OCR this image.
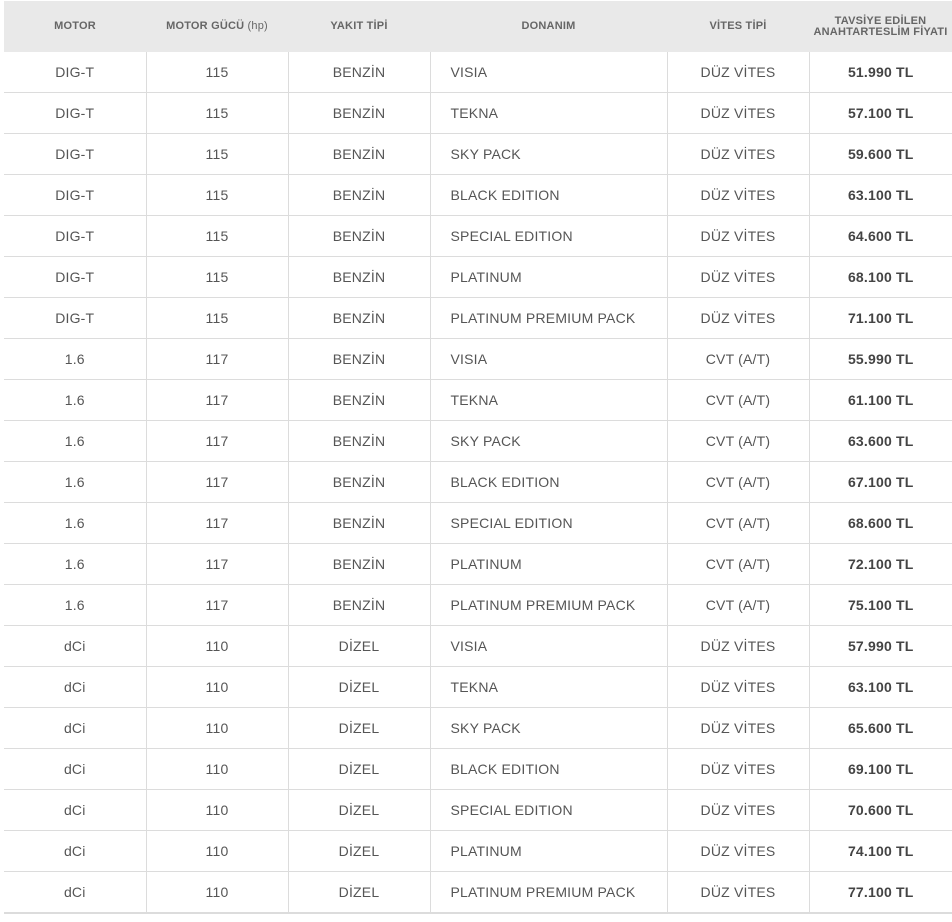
MOTOR	MOTOR GÜCÜ (hp)	YAKIT TİPİ	DONANIM	VİTES TİPİ	TAVSİYE EDİLEN
ANAHTARTESLİM FİYATI
DIG-T	115	BENZİN	VISIA	DÜZ VİTES	51.990 TL
DIG-T	115	BENZİN	TEKNA	DÜZ VİTES	57.100 TL
DIG-T	115	BENZİN	SKY PACK	DÜZ VİTES	59.600 TL
DIG-T	115	BENZİN	BLACK EDITION	DÜZ VİTES	63.100 TL
DIG-T	115	BENZİN	SPECIAL EDITION	DÜZ VİTES	64.600 TL
DIG-T	115	BENZİN	PLATINUM	DÜZ VİTES	68.100 TL
DIG-T	115	BENZİN	PLATINUM PREMIUM PACK	DÜZ VİTES	71.100 TL
1.6	117	BENZİN	VISIA	CVT (A/T)	55.990 TL
1.6	117	BENZİN	TEKNA	CVT (A/T)	61.100 TL
1.6	117	BENZİN	SKY PACK	CVT (A/T)	63.600 TL
1.6	117	BENZİN	BLACK EDITION	CVT (A/T)	67.100 TL
1.6	117	BENZİN	SPECIAL EDITION	CVT (A/T)	68.600 TL
1.6	117	BENZİN	PLATINUM	CVT (A/T)	72.100 TL
1.6	117	BENZİN	PLATINUM PREMIUM PACK	CVT (A/T)	75.100 TL
dCi	110	DİZEL	VISIA	DÜZ VİTES	57.990 TL
dCi	110	DİZEL	TEKNA	DÜZ VİTES	63.100 TL
dCi	110	DİZEL	SKY PACK	DÜZ VİTES	65.600 TL
dCi	110	DİZEL	BLACK EDITION	DÜZ VİTES	69.100 TL
dCi	110	DİZEL	SPECIAL EDITION	DÜZ VİTES	70.600 TL
dCi	110	DİZEL	PLATINUM	DÜZ VİTES	74.100 TL
dCi	110	DİZEL	PLATINUM PREMIUM PACK	DÜZ VİTES	77.100 TL
